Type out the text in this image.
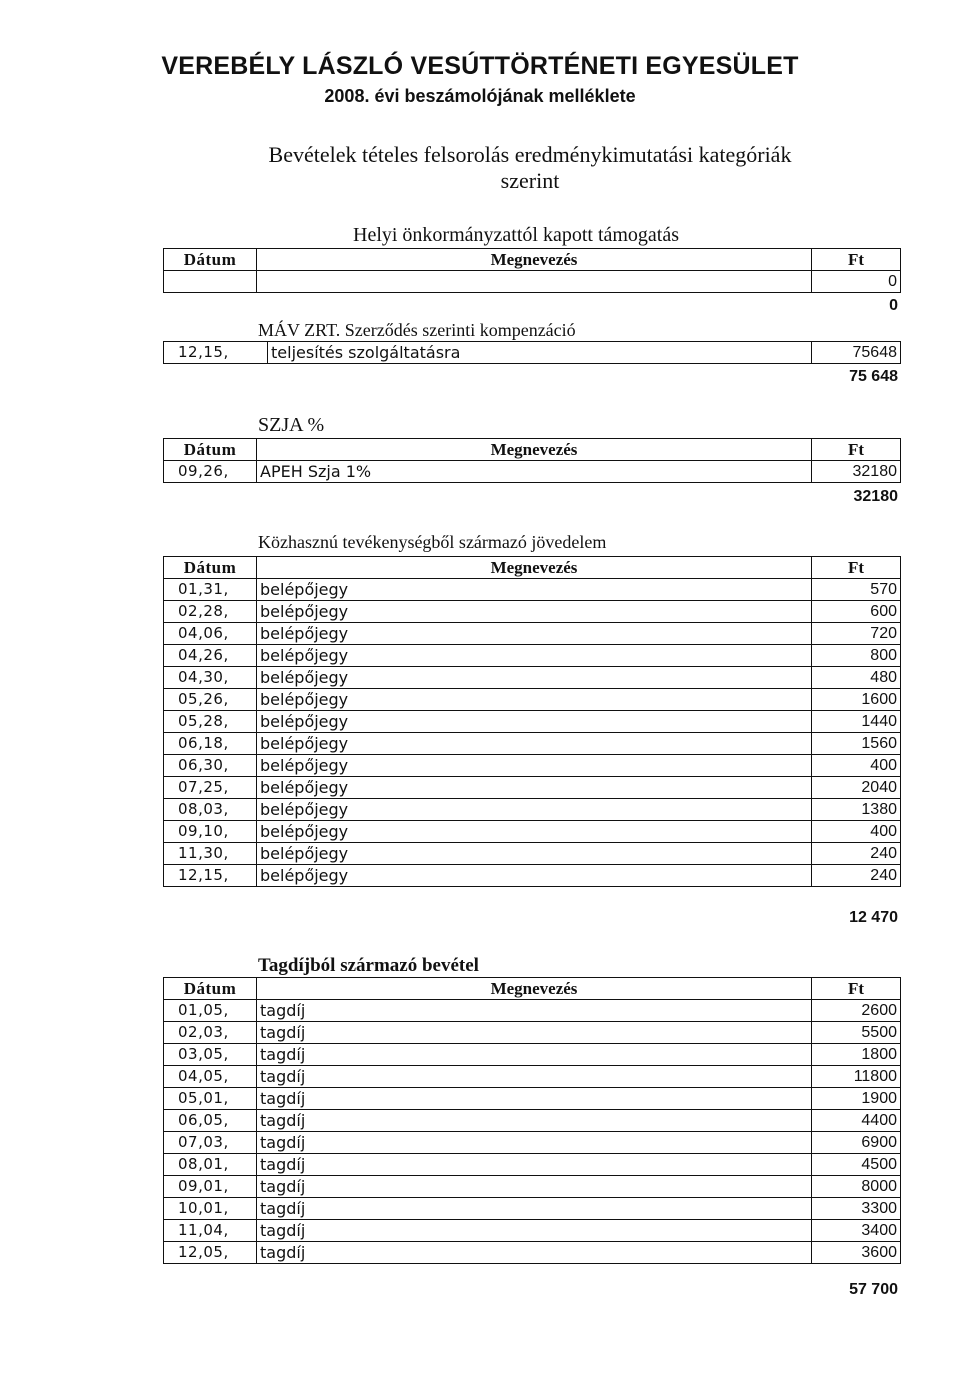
VEREBÉLY LÁSZLÓ VESÚTTÖRTÉNETI EGYESÜLET
2008. évi beszámolójának melléklete
Bevételek tételes felsorolás eredménykimutatási kategóriák
szerint
Helyi önkormányzattól kapott támogatás
Dátum	Megnevezés	Ft
		0
0
MÁV ZRT. Szerződés szerinti kompenzáció
12,15,	teljesítés szolgáltatásra	75648
75 648
SZJA %
Dátum	Megnevezés	Ft
09,26,	APEH Szja 1%	32180
32180
Közhasznú tevékenységből származó jövedelem
Dátum	Megnevezés	Ft
01,31,	belépőjegy	570
02,28,	belépőjegy	600
04,06,	belépőjegy	720
04,26,	belépőjegy	800
04,30,	belépőjegy	480
05,26,	belépőjegy	1600
05,28,	belépőjegy	1440
06,18,	belépőjegy	1560
06,30,	belépőjegy	400
07,25,	belépőjegy	2040
08,03,	belépőjegy	1380
09,10,	belépőjegy	400
11,30,	belépőjegy	240
12,15,	belépőjegy	240
12 470
Tagdíjból származó bevétel
Dátum	Megnevezés	Ft
01,05,	tagdíj	2600
02,03,	tagdíj	5500
03,05,	tagdíj	1800
04,05,	tagdíj	11800
05,01,	tagdíj	1900
06,05,	tagdíj	4400
07,03,	tagdíj	6900
08,01,	tagdíj	4500
09,01,	tagdíj	8000
10,01,	tagdíj	3300
11,04,	tagdíj	3400
12,05,	tagdíj	3600
57 700
